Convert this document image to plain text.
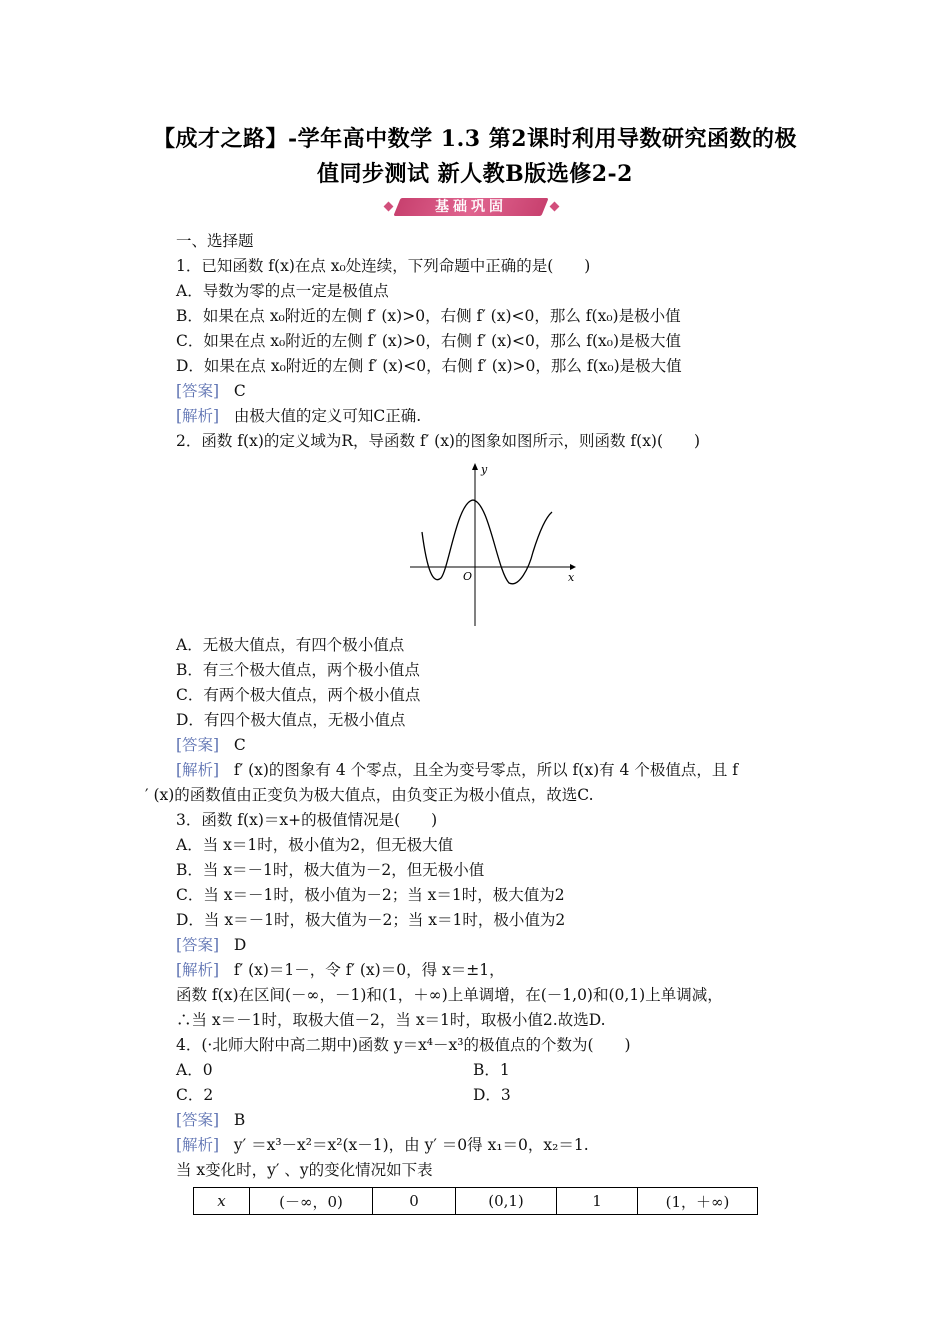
【成才之路】-学年高中数学 1.3 第2课时利用导数研究函数的极
值同步测试 新人教B版选修2-2
基础巩固
一、选择题
1．已知函数 f(x)在点 x₀处连续，下列命题中正确的是(　　)
A．导数为零的点一定是极值点
B．如果在点 x₀附近的左侧 f′ (x)>0，右侧 f′ (x)<0，那么 f(x₀)是极小值
C．如果在点 x₀附近的左侧 f′ (x)>0，右侧 f′ (x)<0，那么 f(x₀)是极大值
D．如果在点 x₀附近的左侧 f′ (x)<0，右侧 f′ (x)>0，那么 f(x₀)是极大值
[答案] C
[解析] 由极大值的定义可知C正确.
2．函数 f(x)的定义域为R，导函数 f′ (x)的图象如图所示，则函数 f(x)(　　)
y
x
O
A．无极大值点，有四个极小值点
B．有三个极大值点，两个极小值点
C．有两个极大值点，两个极小值点
D．有四个极大值点，无极小值点
[答案] C
[解析] f′ (x)的图象有 4 个零点，且全为变号零点，所以 f(x)有 4 个极值点，且 f
′ (x)的函数值由正变负为极大值点，由负变正为极小值点，故选C.
3．函数 f(x)＝x+的极值情况是(　　)
A．当 x＝1时，极小值为2，但无极大值
B．当 x＝－1时，极大值为－2，但无极小值
C．当 x＝－1时，极小值为－2；当 x＝1时，极大值为2
D．当 x＝－1时，极大值为－2；当 x＝1时，极小值为2
[答案] D
[解析] f′ (x)＝1－，令 f′ (x)＝0，得 x＝±1，
函数 f(x)在区间(－∞，－1)和(1，＋∞)上单调增，在(－1,0)和(0,1)上单调减，
∴当 x＝－1时，取极大值－2，当 x＝1时，取极小值2.故选D.
4．(·北师大附中高二期中)函数 y＝x⁴－x³的极值点的个数为(　　)
A．0	B．1
C．2	D．3
[答案] B
[解析] y′ ＝x³－x²＝x²(x－1)，由 y′ ＝0得 x₁＝0，x₂＝1.
当 x变化时，y′ 、y的变化情况如下表
x	(－∞，0)	0	(0,1)	1	(1，＋∞)
